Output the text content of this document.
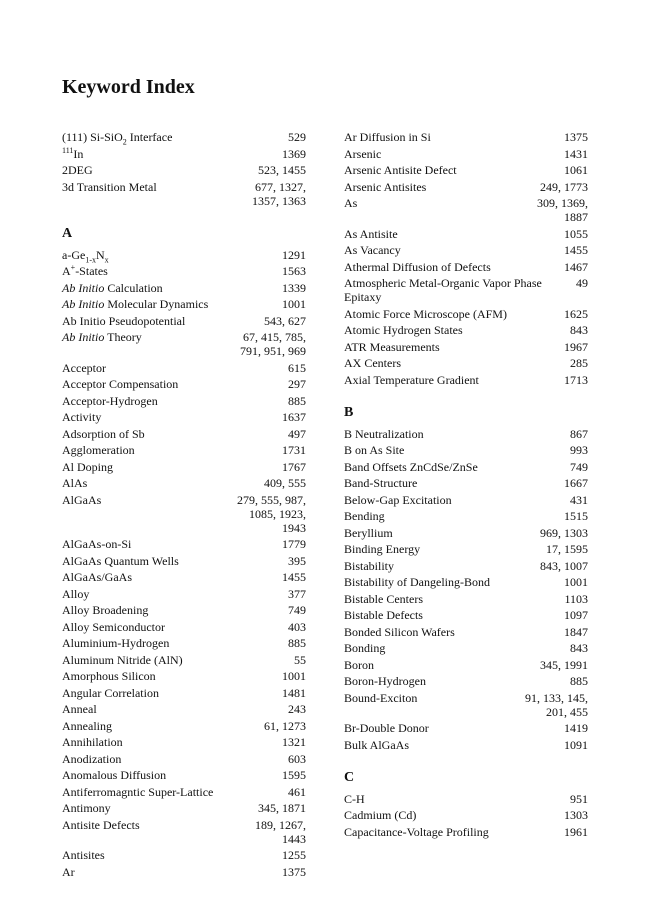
Keyword Index
(111) Si-SiO$_2$ Interface	529
$^{111}$In	1369
2DEG	523, 1455
3d Transition Metal	677, 1327,
1357, 1363
A
$a-Ge_{1-x}N_x$	1291
A+-States	1563
Ab Initio Calculation	1339
Ab Initio Molecular Dynamics	1001
Ab Initio Pseudopotential	543, 627
Ab Initio Theory	67, 415, 785,
791, 951, 969
Acceptor	615
Acceptor Compensation	297
Acceptor-Hydrogen	885
Activity	1637
Adsorption of Sb	497
Agglomeration	1731
Al Doping	1767
AlAs	409, 555
AlGaAs	279, 555, 987,
1085, 1923,
1943
AlGaAs-on-Si	1779
AlGaAs Quantum Wells	395
AlGaAs/GaAs	1455
Alloy	377
Alloy Broadening	749
Alloy Semiconductor	403
Aluminium-Hydrogen	885
Aluminum Nitride (AlN)	55
Amorphous Silicon	1001
Angular Correlation	1481
Anneal	243
Annealing	61, 1273
Annihilation	1321
Anodization	603
Anomalous Diffusion	1595
Antiferromagntic Super-Lattice	461
Antimony	345, 1871
Antisite Defects	189, 1267,
1443
Antisites	1255
Ar	1375
Ar Diffusion in Si	1375
Arsenic	1431
Arsenic Antisite Defect	1061
Arsenic Antisites	249, 1773
As	309, 1369,
1887
As Antisite	1055
As Vacancy	1455
Athermal Diffusion of Defects	1467
Atmospheric Metal-Organic Vapor Phase Epitaxy
49
Atomic Force Microscope (AFM)	1625
Atomic Hydrogen States	843
ATR Measurements	1967
AX Centers	285
Axial Temperature Gradient	1713
B
B Neutralization	867
B on As Site	993
Band Offsets ZnCdSe/ZnSe	749
Band-Structure	1667
Below-Gap Excitation	431
Bending	1515
Beryllium	969, 1303
Binding Energy	17, 1595
Bistability	843, 1007
Bistability of Dangeling-Bond	1001
Bistable Centers	1103
Bistable Defects	1097
Bonded Silicon Wafers	1847
Bonding	843
Boron	345, 1991
Boron-Hydrogen	885
Bound-Exciton	91, 133, 145,
201, 455
Br-Double Donor	1419
Bulk AlGaAs	1091
C
C-H	951
Cadmium (Cd)	1303
Capacitance-Voltage Profiling	1961
